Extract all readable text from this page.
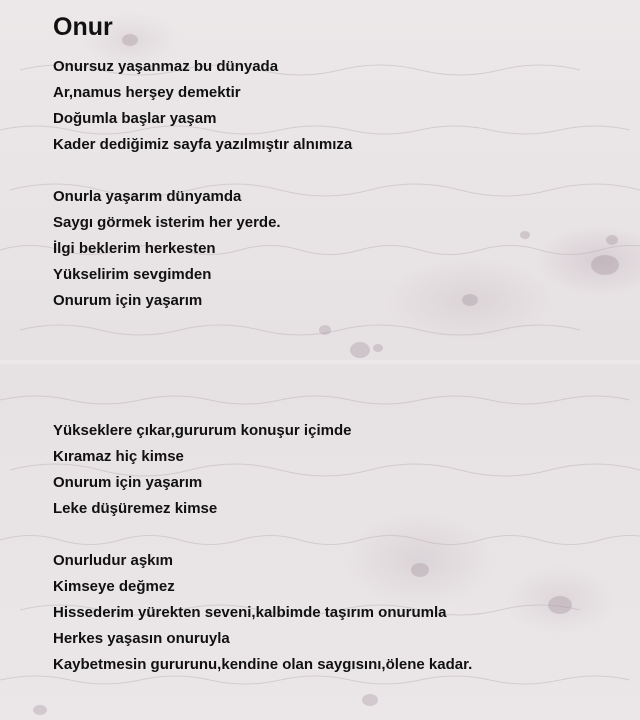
Onur
Onursuz yaşanmaz bu dünyada
Ar,namus herşey demektir
Doğumla başlar yaşam
Kader dediğimiz sayfa yazılmıştır alnımıza
Onurla yaşarım dünyamda
Saygı görmek isterim her yerde.
İlgi beklerim herkesten
Yükselirim sevgimden
Onurum için yaşarım
Yükseklere çıkar,gururum konuşur içimde
Kıramaz hiç kimse
Onurum için yaşarım
Leke düşüremez kimse
Onurludur aşkım
Kimseye değmez
Hissederim yürekten seveni,kalbimde taşırım onurumla
Herkes yaşasın onuruyla
Kaybetmesin gururunu,kendine olan saygısını,ölene kadar.
